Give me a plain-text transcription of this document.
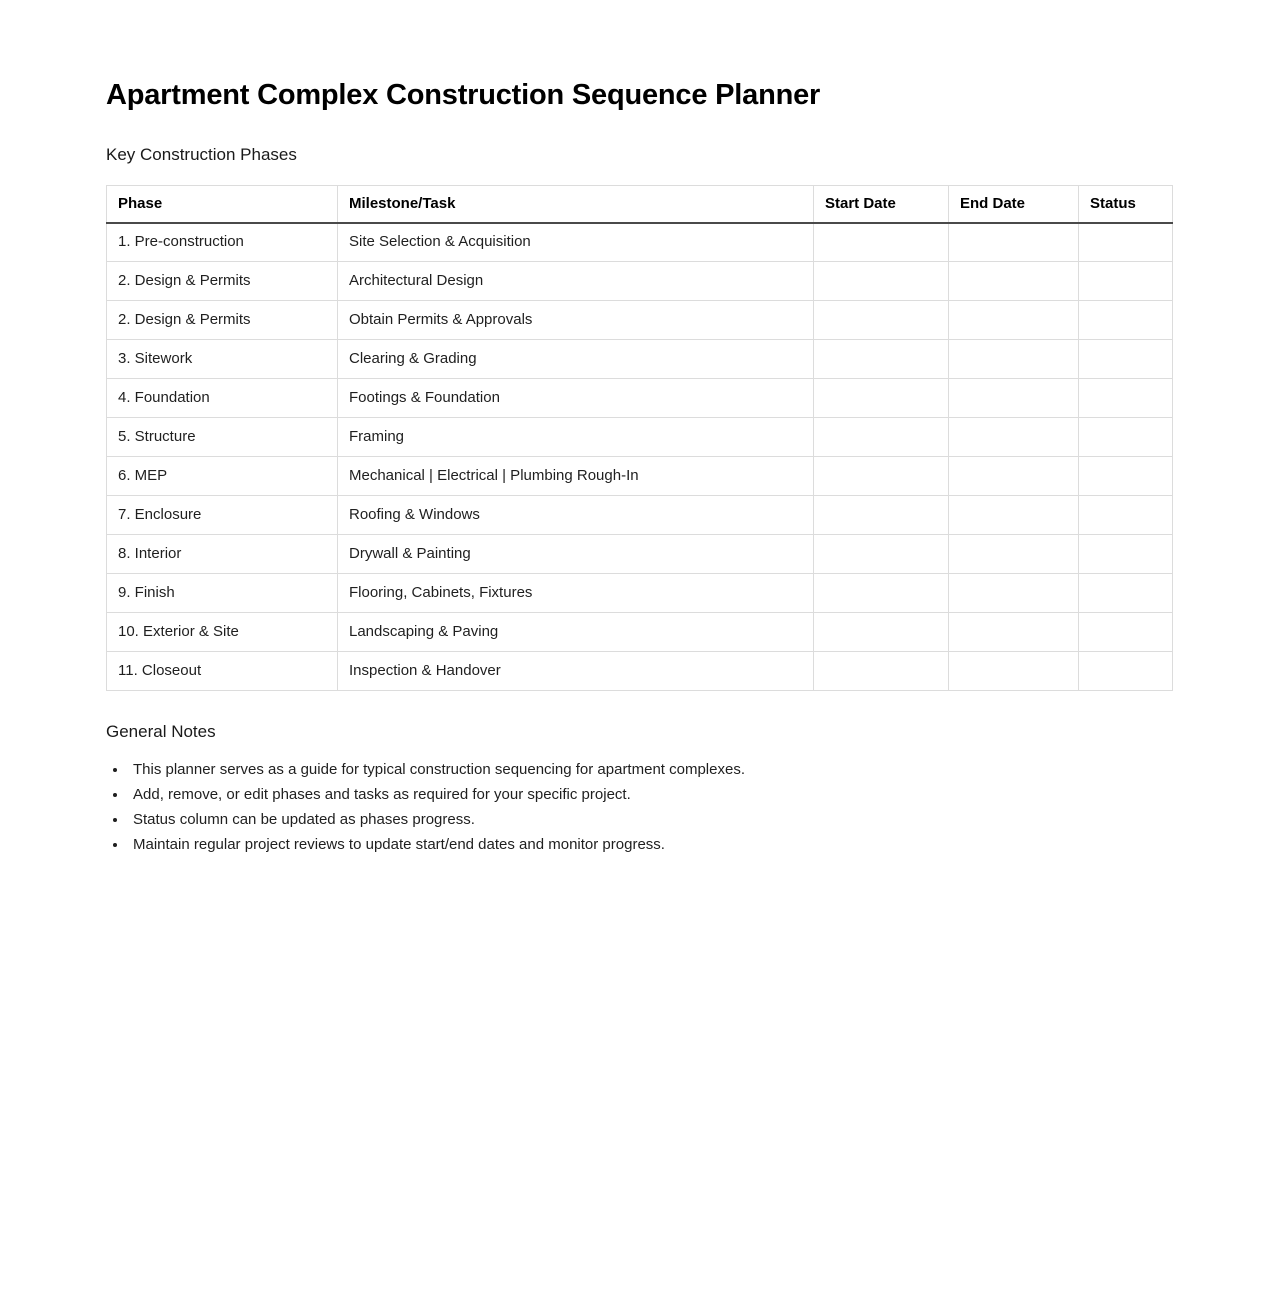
Apartment Complex Construction Sequence Planner
Key Construction Phases
Phase	Milestone/Task	Start Date	End Date	Status
1. Pre-construction	Site Selection & Acquisition			
2. Design & Permits	Architectural Design			
2. Design & Permits	Obtain Permits & Approvals			
3. Sitework	Clearing & Grading			
4. Foundation	Footings & Foundation			
5. Structure	Framing			
6. MEP	Mechanical | Electrical | Plumbing Rough-In			
7. Enclosure	Roofing & Windows			
8. Interior	Drywall & Painting			
9. Finish	Flooring, Cabinets, Fixtures			
10. Exterior & Site	Landscaping & Paving			
11. Closeout	Inspection & Handover			
General Notes
• This planner serves as a guide for typical construction sequencing for apartment complexes.
• Add, remove, or edit phases and tasks as required for your specific project.
• Status column can be updated as phases progress.
• Maintain regular project reviews to update start/end dates and monitor progress.
